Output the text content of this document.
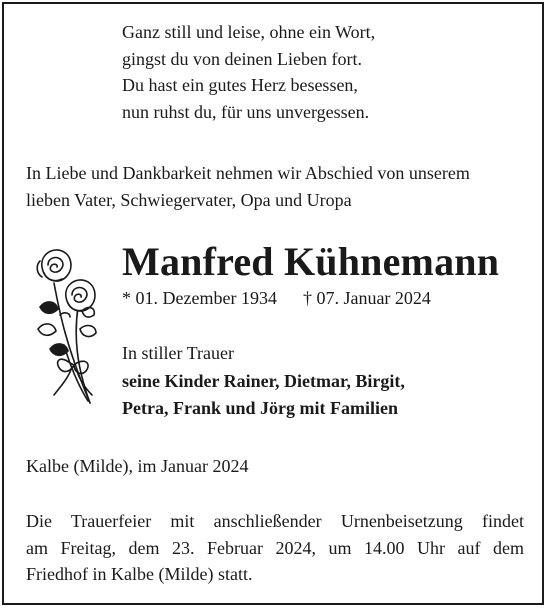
Ganz still und leise, ohne ein Wort,
gingst du von deinen Lieben fort.
Du hast ein gutes Herz besessen,
nun ruhst du, für uns unvergessen.
In Liebe und Dankbarkeit nehmen wir Abschied von unserem
lieben Vater, Schwiegervater, Opa und Uropa
Manfred Kühnemann
* 01. Dezember 1934 † 07. Januar 2024
In stiller Trauer
seine Kinder Rainer, Dietmar, Birgit,
Petra, Frank und Jörg mit Familien
Kalbe (Milde), im Januar 2024
Die Trauerfeier mit anschließender Urnenbeisetzung findet
am Freitag, dem 23. Februar 2024, um 14.00 Uhr auf dem
Friedhof in Kalbe (Milde) statt.
